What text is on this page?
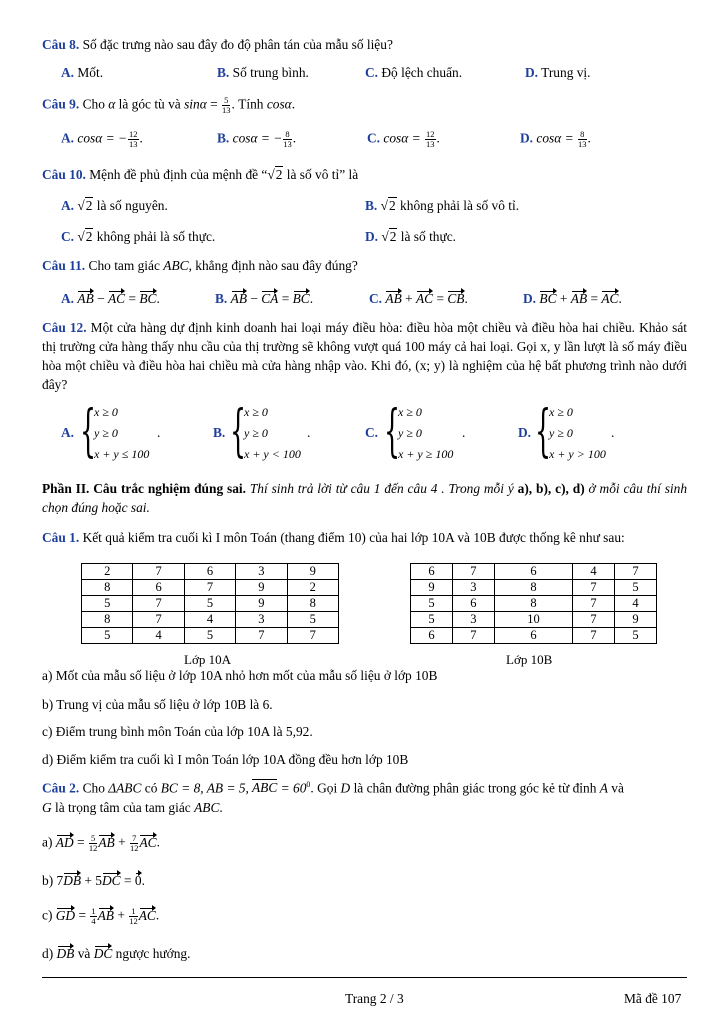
Câu 8. Số đặc trưng nào sau đây đo độ phân tán của mẫu số liệu?
A. Mốt.	B. Số trung bình.	C. Độ lệch chuẩn.	D. Trung vị.
Câu 9. Cho α là góc tù và $\sin\alpha = \frac{5}{13}$ . Tính cosα.
A. cosα = − $\frac{12}{13}$ .	B. cosα = − $\frac{8}{13}$ .	C. $\cos\alpha = \frac{12}{13}$ .	D. $\cos\alpha = \frac{8}{13}$ .
Câu 10. Mệnh đề phủ định của mệnh đề “√2 là số vô tỉ” là
A. √2 là số nguyên.	B. √2 không phải là số vô tỉ.
C. √2 không phải là số thực.	D. √2 là số thực.
Câu 11. Cho tam giác ABC, khẳng định nào sau đây đúng?
A. AB − AC = BC.	B. AB − CA = BC.	C. AB + AC = CB.	D. BC + AB = AC.
Câu 12. Một cửa hàng dự định kinh doanh hai loại máy điều hòa: điều hòa một chiều và điều hòa hai chiều. Khảo sát thị trường cửa hàng thấy nhu cầu của thị trường sẽ không vượt quá 100 máy cả hai loại. Gọi x, y lần lượt là số máy điều hòa một chiều và điều hòa hai chiều mà cửa hàng nhập vào. Khi đó, (x; y) là nghiệm của hệ bất phương trình nào dưới đây?
A. {
x ≥ 0
y ≥ 0
x + y ≤ 100
.	B. {
x ≥ 0
y ≥ 0
x + y < 100
.	C. {
x ≥ 0
y ≥ 0
x + y ≥ 100
.	D. {
x ≥ 0
y ≥ 0
x + y > 100
.
Phần II. Câu trắc nghiệm đúng sai. Thí sinh trả lời từ câu 1 đến câu 4 . Trong mỗi ý a), b), c), d) ở mỗi câu thí sinh chọn đúng hoặc sai.
Câu 1. Kết quả kiểm tra cuối kì I môn Toán (thang điểm 10) của hai lớp 10A và 10B được thống kê như sau:
2	7	6	3	9
8	6	7	9	2
5	7	5	9	8
8	7	4	3	5
5	4	5	7	7
6	7	6	4	7
9	3	8	7	5
5	6	8	7	4
5	3	10	7	9
6	7	6	7	5
Lớp 10A	Lớp 10B
a) Mốt của mẫu số liệu ở lớp 10A nhỏ hơn mốt của mẫu số liệu ở lớp 10B
b) Trung vị của mẫu số liệu ở lớp 10B là 6.
c) Điểm trung bình môn Toán của lớp 10A là 5,92.
d) Điểm kiểm tra cuối kì I môn Toán lớp 10A đồng đều hơn lớp 10B
Câu 2. Cho ΔABC có BC = 8, AB = 5, ABC = $60^0$. Gọi D là chân đường phân giác trong góc kẻ từ đỉnh A và
G là trọng tâm của tam giác ABC.
a) AD = $\frac{5}{12}$ AB + $\frac{7}{12}$ AC.
b) 7DB + 5DC = 0.
c) GD = $\frac{1}{4}$ AB + $\frac{1}{12}$ AC.
d) DB và DC ngược hướng.
Trang 2 / 3	Mã đề 107
